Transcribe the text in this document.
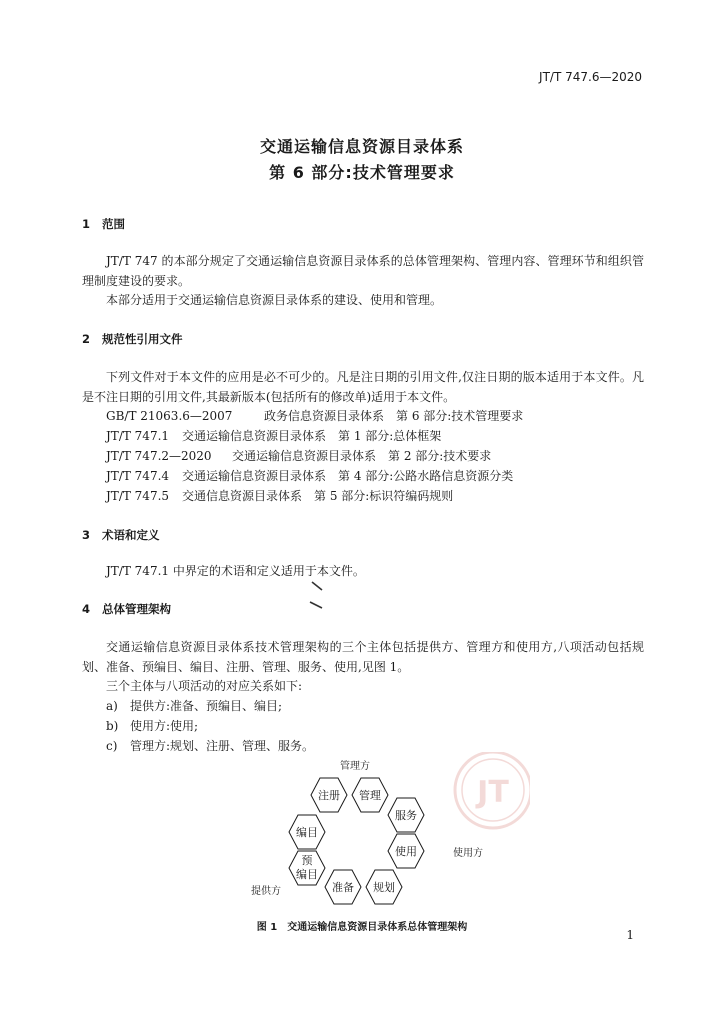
JT/T 747.6—2020
交通运输信息资源目录体系
第 6 部分:技术管理要求
1 范围
JT/T 747 的本部分规定了交通运输信息资源目录体系的总体管理架构、管理内容、管理环节和组织管理制度建设的要求。
本部分适用于交通运输信息资源目录体系的建设、使用和管理。
2 规范性引用文件
下列文件对于本文件的应用是必不可少的。凡是注日期的引用文件,仅注日期的版本适用于本文件。凡是不注日期的引用文件,其最新版本(包括所有的修改单)适用于本文件。
GB/T 21063.6—2007	政务信息资源目录体系　第 6 部分:技术管理要求
JT/T 747.1 交通运输信息资源目录体系　第 1 部分:总体框架
JT/T 747.2—2020 交通运输信息资源目录体系　第 2 部分:技术要求
JT/T 747.4 交通运输信息资源目录体系　第 4 部分:公路水路信息资源分类
JT/T 747.5 交通信息资源目录体系　第 5 部分:标识符编码规则
3 术语和定义
JT/T 747.1 中界定的术语和定义适用于本文件。
4 总体管理架构
交通运输信息资源目录体系技术管理架构的三个主体包括提供方、管理方和使用方,八项活动包括规划、准备、预编目、编目、注册、管理、服务、使用,见图 1。
三个主体与八项活动的对应关系如下:
a) 提供方:准备、预编目、编目;
b) 使用方:使用;
c) 管理方:规划、注册、管理、服务。
JT
管理方
使用方
提供方
注册 管理
服务
使用
规划
准备
预
编目
编目
图 1　交通运输信息资源目录体系总体管理架构
1
